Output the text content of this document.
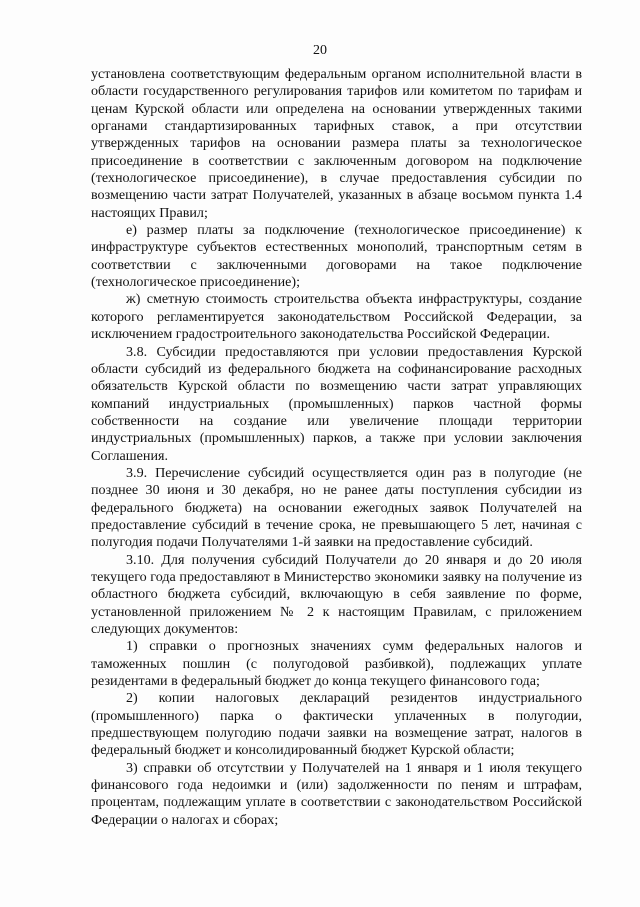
20

установлена соответствующим федеральным органом исполнительной власти в области государственного регулирования тарифов или комитетом по тарифам и ценам Курской области или определена на основании утвержденных такими органами стандартизированных тарифных ставок, а при отсутствии утвержденных тарифов на основании размера платы за технологическое присоединение в соответствии с заключенным договором на подключение (технологическое присоединение), в случае предоставления субсидии по возмещению части затрат Получателей, указанных в абзаце восьмом пункта 1.4 настоящих Правил;

е) размер платы за подключение (технологическое присоединение) к инфраструктуре субъектов естественных монополий, транспортным сетям в соответствии с заключенными договорами на такое подключение (технологическое присоединение);

ж) сметную стоимость строительства объекта инфраструктуры, создание которого регламентируется законодательством Российской Федерации, за исключением градостроительного законодательства Российской Федерации.

3.8. Субсидии предоставляются при условии предоставления Курской области субсидий из федерального бюджета на софинансирование расходных обязательств Курской области по возмещению части затрат управляющих компаний индустриальных (промышленных) парков частной формы собственности на создание или увеличение площади территории индустриальных (промышленных) парков, а также при условии заключения Соглашения.

3.9. Перечисление субсидий осуществляется один раз в полугодие (не позднее 30 июня и 30 декабря, но не ранее даты поступления субсидии из федерального бюджета) на основании ежегодных заявок Получателей на предоставление субсидий в течение срока, не превышающего 5 лет, начиная с полугодия подачи Получателями 1-й заявки на предоставление субсидий.

3.10. Для получения субсидий Получатели до 20 января и до 20 июля текущего года предоставляют в Министерство экономики заявку на получение из областного бюджета субсидий, включающую в себя заявление по форме, установленной приложением № 2 к настоящим Правилам, с приложением следующих документов:

1) справки о прогнозных значениях сумм федеральных налогов и таможенных пошлин (с полугодовой разбивкой), подлежащих уплате резидентами в федеральный бюджет до конца текущего финансового года;

2) копии налоговых деклараций резидентов индустриального (промышленного) парка о фактически уплаченных в полугодии, предшествующем полугодию подачи заявки на возмещение затрат, налогов в федеральный бюджет и консолидированный бюджет Курской области;

3) справки об отсутствии у Получателей на 1 января и 1 июля текущего финансового года недоимки и (или) задолженности по пеням и штрафам, процентам, подлежащим уплате в соответствии с законодательством Российской Федерации о налогах и сборах;
